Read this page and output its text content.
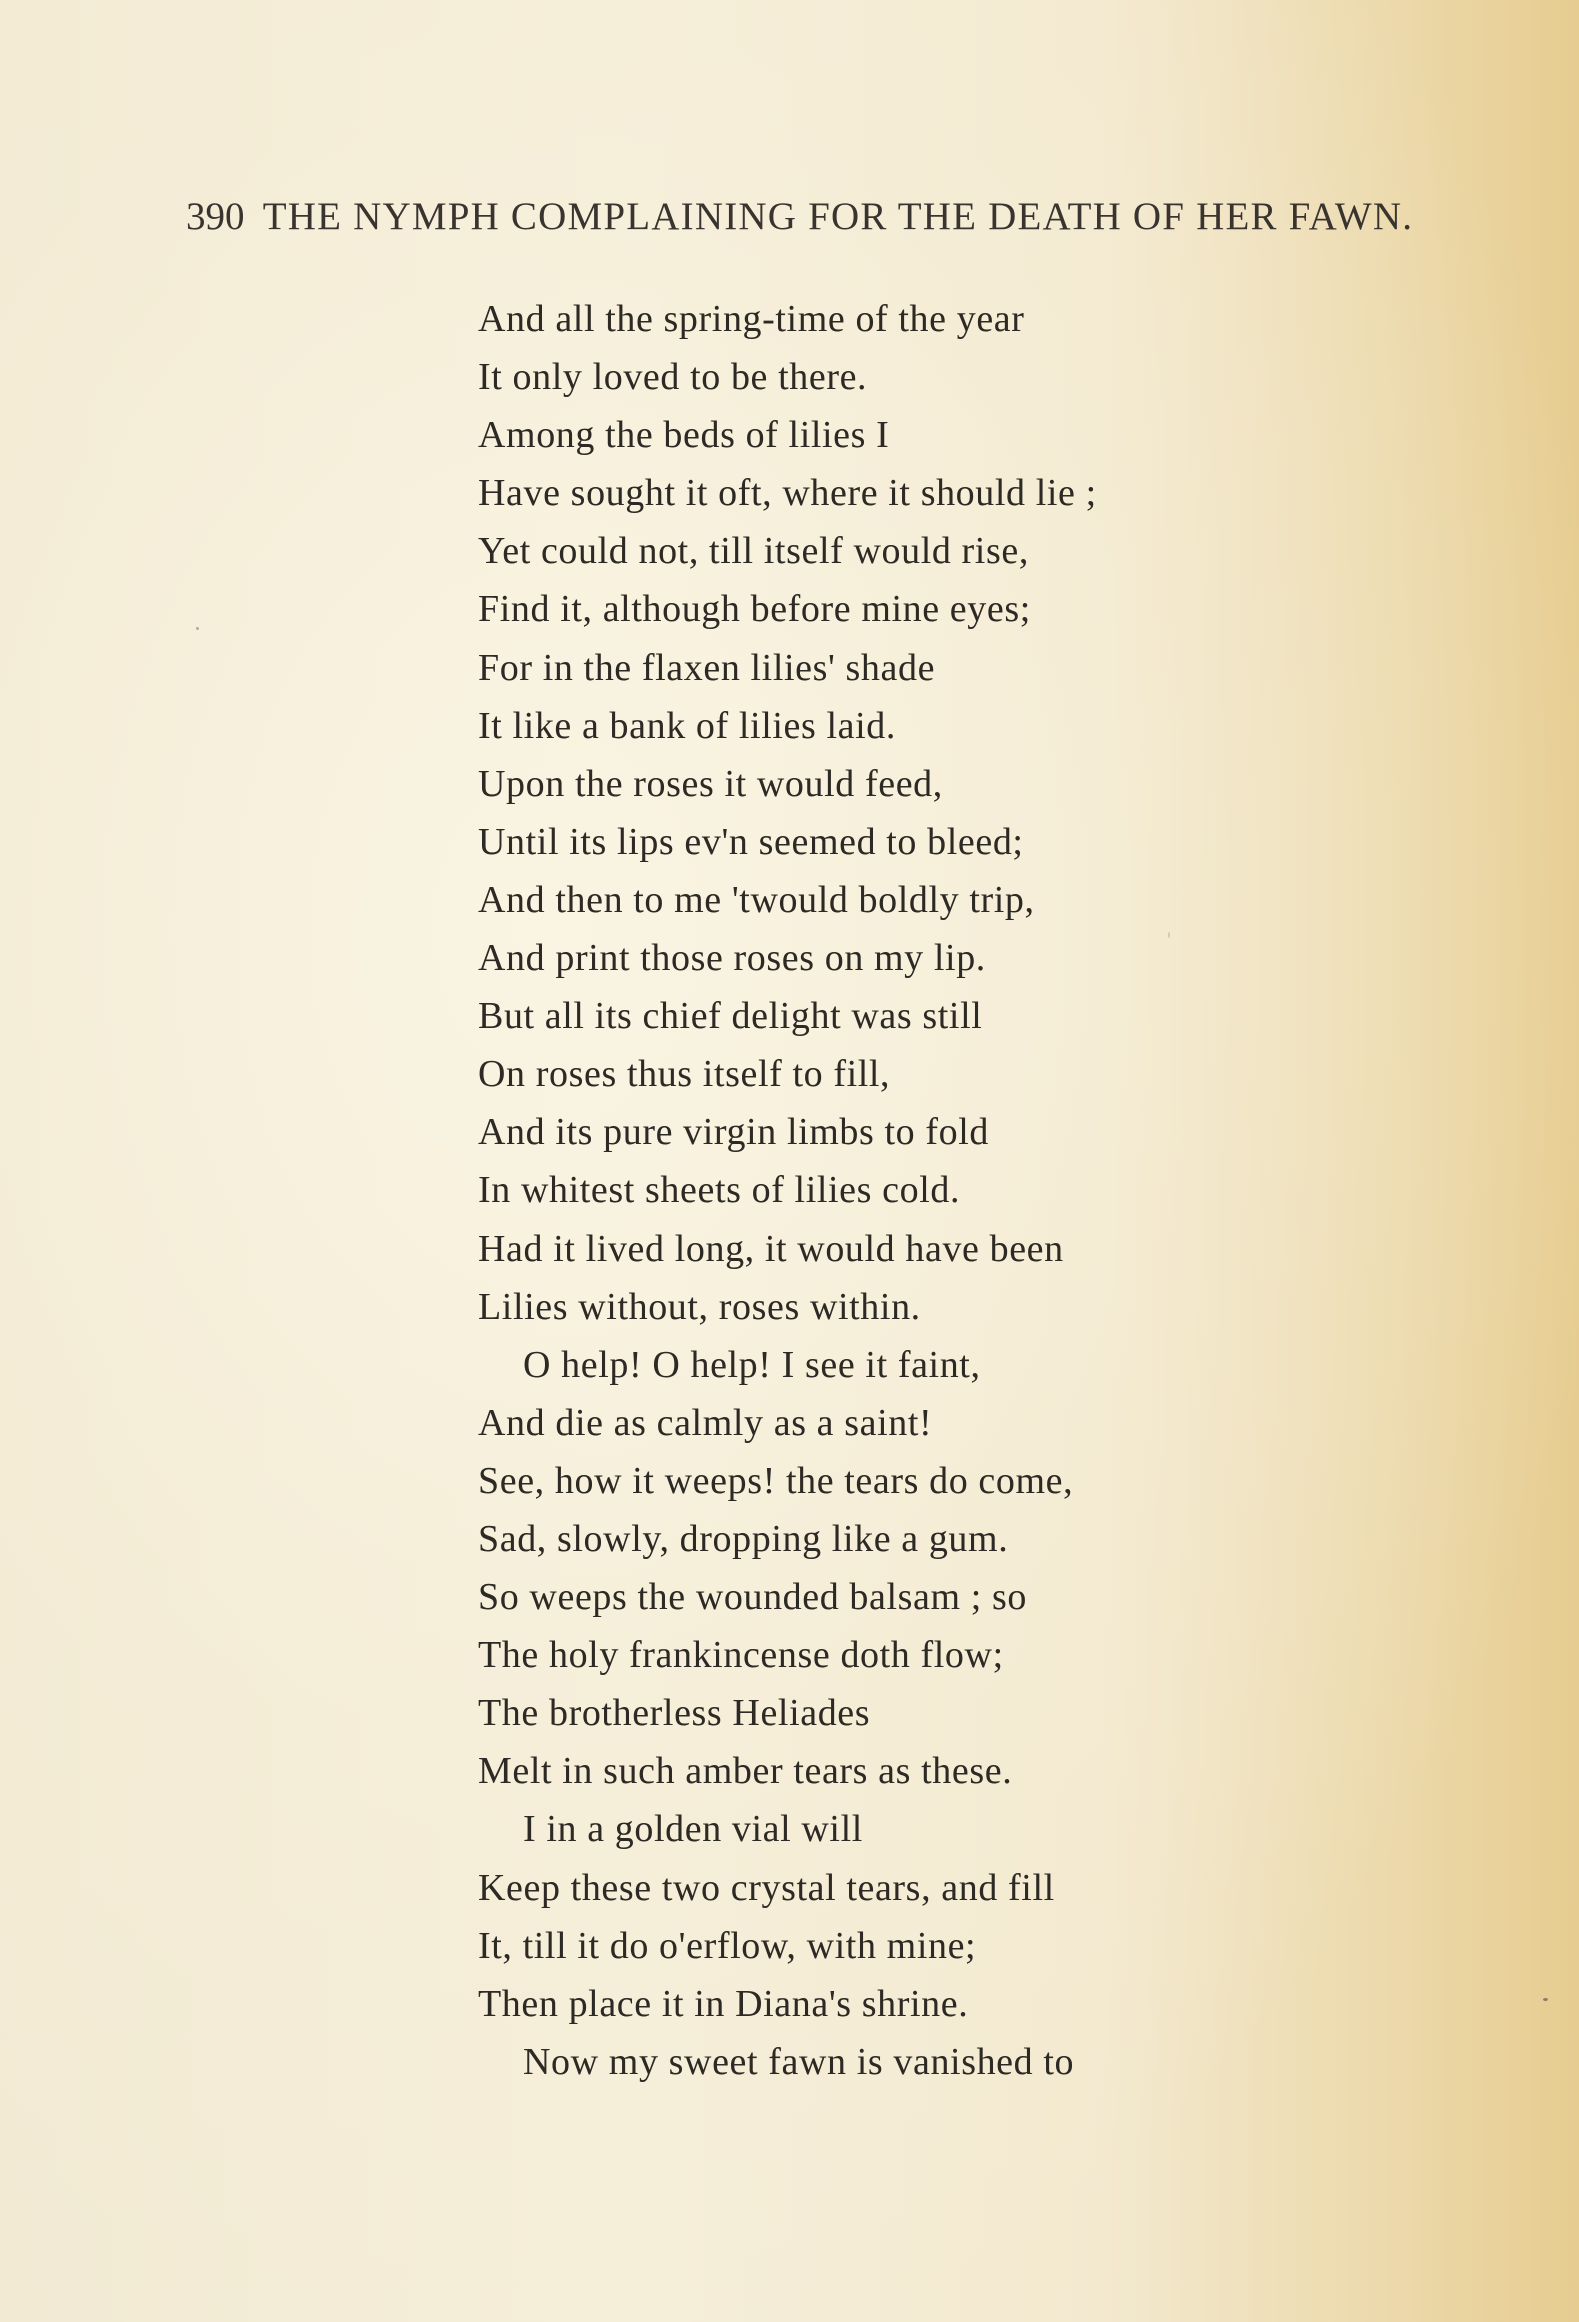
390 THE NYMPH COMPLAINING FOR THE DEATH OF HER FAWN.
And all the spring-time of the year
It only loved to be there.
Among the beds of lilies I
Have sought it oft, where it should lie ;
Yet could not, till itself would rise,
Find it, although before mine eyes;
For in the flaxen lilies' shade
It like a bank of lilies laid.
Upon the roses it would feed,
Until its lips ev'n seemed to bleed;
And then to me 'twould boldly trip,
And print those roses on my lip.
But all its chief delight was still
On roses thus itself to fill,
And its pure virgin limbs to fold
In whitest sheets of lilies cold.
Had it lived long, it would have been
Lilies without, roses within.
O help! O help! I see it faint,
And die as calmly as a saint!
See, how it weeps! the tears do come,
Sad, slowly, dropping like a gum.
So weeps the wounded balsam ; so
The holy frankincense doth flow;
The brotherless Heliades
Melt in such amber tears as these.
I in a golden vial will
Keep these two crystal tears, and fill
It, till it do o'erflow, with mine;
Then place it in Diana's shrine.
Now my sweet fawn is vanished to
